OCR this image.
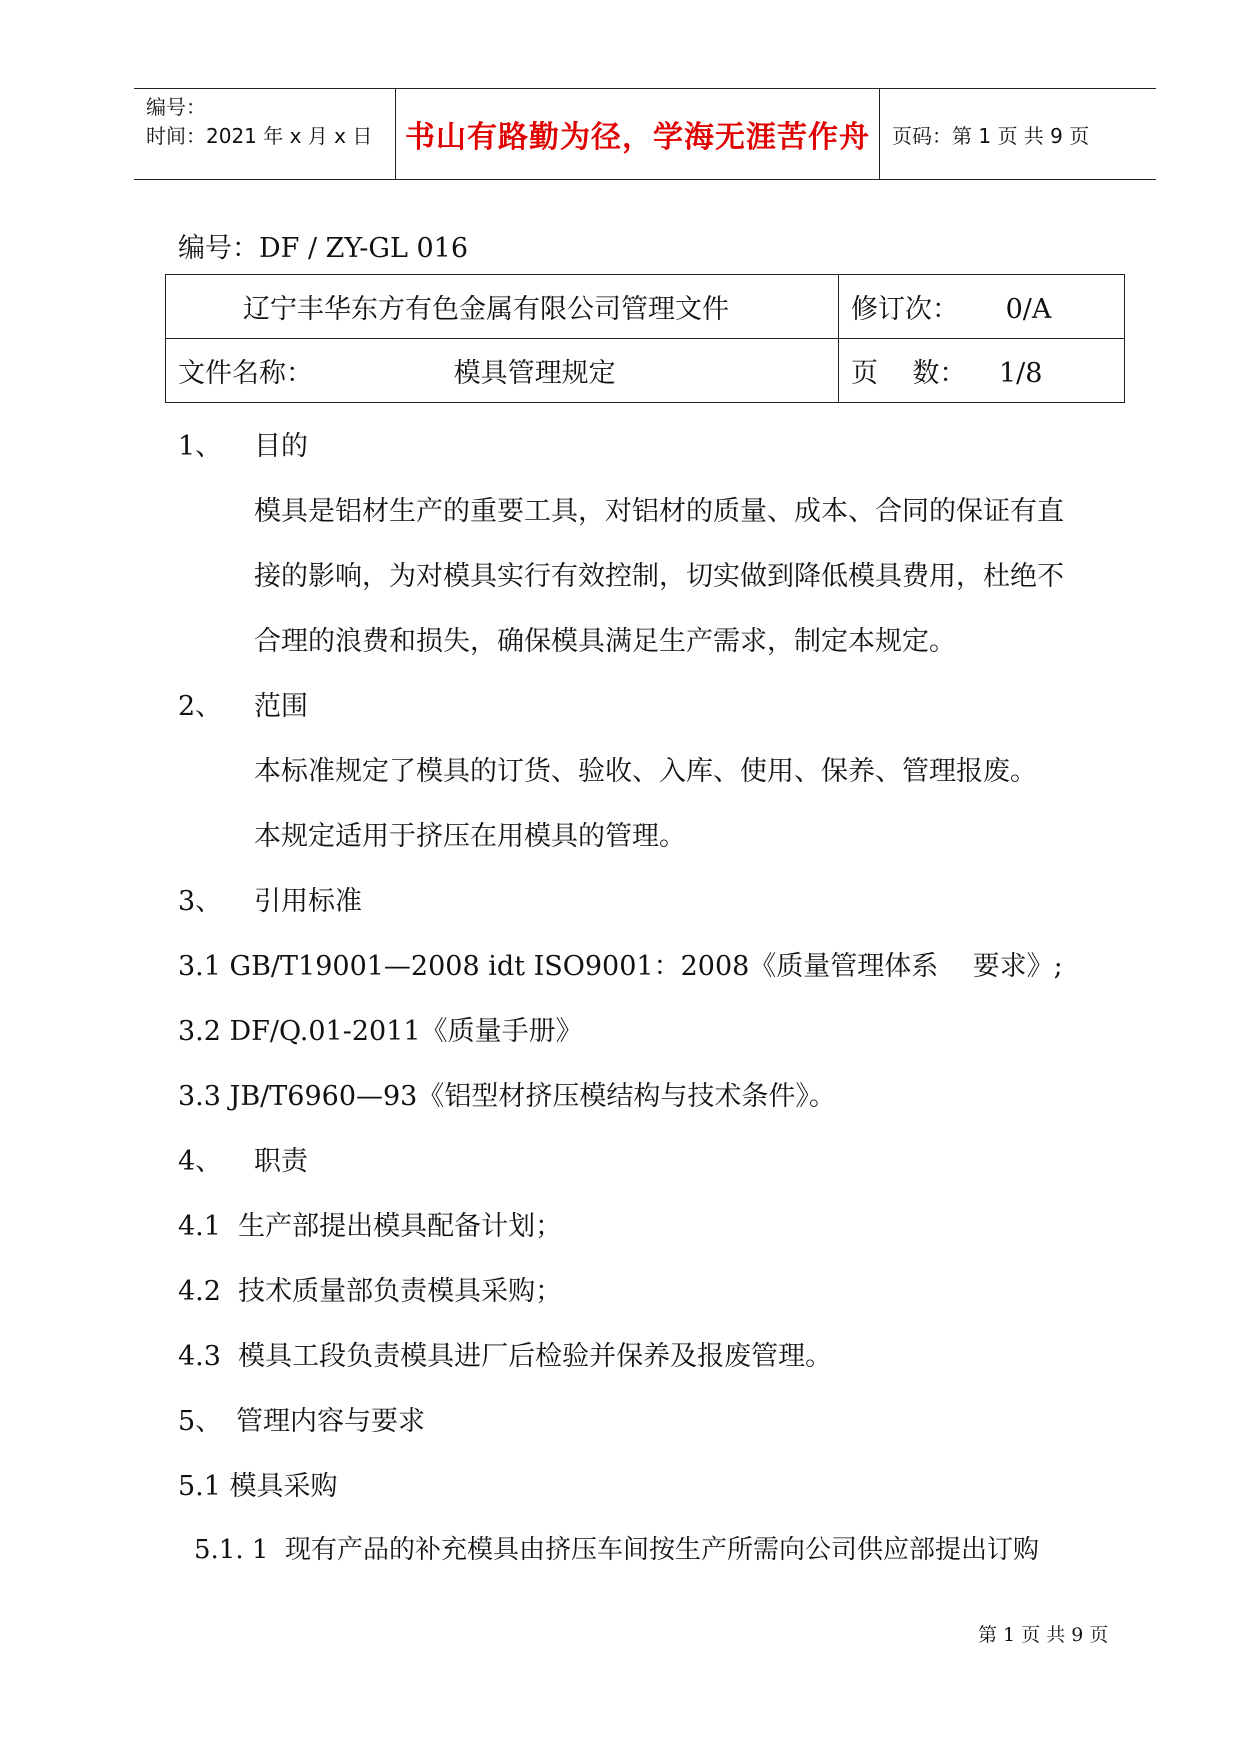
编号：
时间：2021 年 x 月 x 日	书山有路勤为径，学海无涯苦作舟	页码：第 1 页 共 9 页
编号：DF / ZY-GL 016
辽宁丰华东方有色金属有限公司管理文件	修订次： 0/A
文件名称： 模具管理规定	页    数： 1/8
1、 目的
模具是铝材生产的重要工具，对铝材的质量、成本、合同的保证有直
接的影响，为对模具实行有效控制，切实做到降低模具费用，杜绝不
合理的浪费和损失，确保模具满足生产需求，制定本规定。
2、 范围
本标准规定了模具的订货、验收、入库、使用、保养、管理报废。
本规定适用于挤压在用模具的管理。
3、 引用标准
3.1 GB/T19001—2008 idt ISO9001：2008《质量管理体系    要求》;
3.2 DF/Q.01-2011《质量手册》
3.3 JB/T6960—93《铝型材挤压模结构与技术条件》。
4、 职责
4.1  生产部提出模具配备计划；
4.2  技术质量部负责模具采购；
4.3  模具工段负责模具进厂后检验并保养及报废管理。
5、 管理内容与要求
5.1 模具采购
5.1. 1  现有产品的补充模具由挤压车间按生产所需向公司供应部提出订购
第 1 页 共 9 页
